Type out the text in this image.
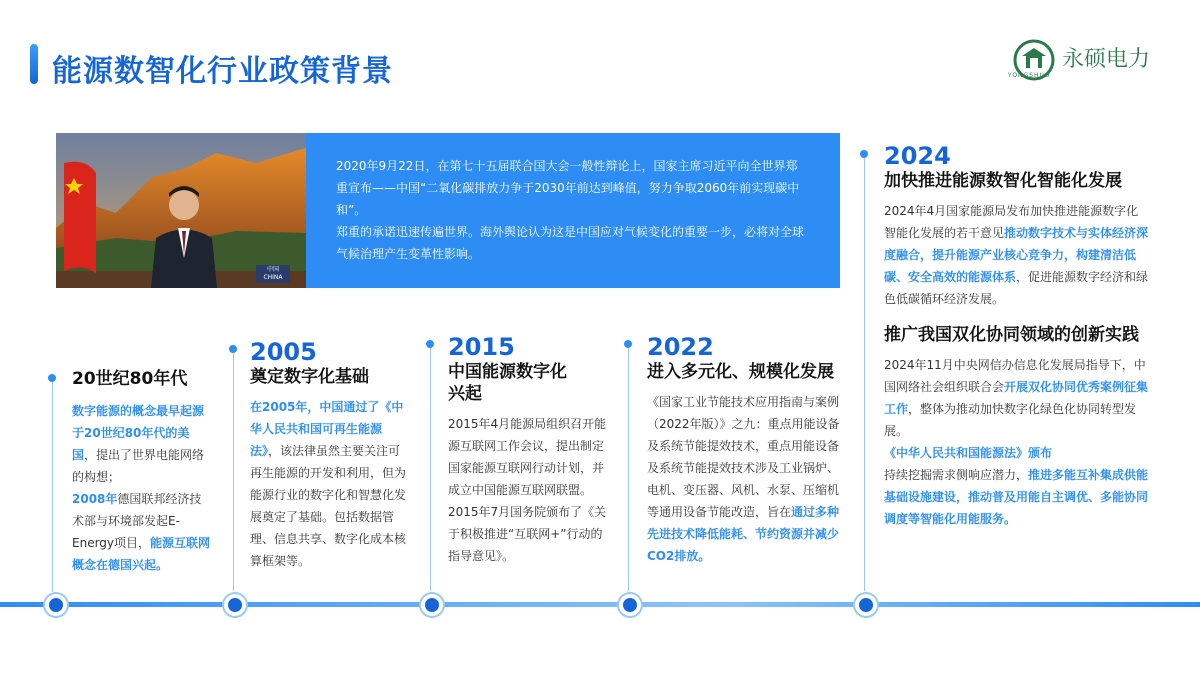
能源数智化行业政策背景	永硕电力
YONGSHUO
中国
CHINA

2020年9月22日，在第七十五届联合国大会一般性辩论上，国家主席习近平向全世界郑重宣布——中国“二氧化碳排放力争于2030年前达到峰值，努力争取2060年前实现碳中和”。

郑重的承诺迅速传遍世界。海外舆论认为这是中国应对气候变化的重要一步，必将对全球气候治理产生变革性影响。

20世纪80年代
数字能源的概念最早起源于20世纪80年代的美国，提出了世界电能网络的构想；
2008年德国联邦经济技术部与环境部发起E-Energy项目，能源互联网概念在德国兴起。
2005
奠定数字化基础
在2005年，中国通过了《中华人民共和国可再生能源法》，该法律虽然主要关注可再生能源的开发和利用，但为能源行业的数字化和智慧化发展奠定了基础。包括数据管理、信息共享、数字化成本核算框架等。
2015
中国能源数字化兴起
2015年4月能源局组织召开能源互联网工作会议，提出制定国家能源互联网行动计划，并成立中国能源互联网联盟。2015年7月国务院颁布了《关于积极推进“互联网+”行动的指导意见》。
2022
进入多元化、规模化发展
《国家工业节能技术应用指南与案例（2022年版）》之九：重点用能设备及系统节能提效技术，重点用能设备及系统节能提效技术涉及工业锅炉、电机、变压器、风机、水泵、压缩机等通用设备节能改造，旨在通过多种先进技术降低能耗、节约资源并减少CO2排放。
2024
加快推进能源数智化智能化发展

2024年4月国家能源局发布加快推进能源数字化智能化发展的若干意见推动数字技术与实体经济深度融合，提升能源产业核心竞争力，构建清洁低碳、安全高效的能源体系，促进能源数字经济和绿色低碳循环经济发展。

推广我国双化协同领域的创新实践

2024年11月中央网信办信息化发展局指导下，中国网络社会组织联合会开展双化协同优秀案例征集工作，整体为推动加快数字化绿色化协同转型发展。
《中华人民共和国能源法》颁布
持续挖掘需求侧响应潜力，推进多能互补集成供能基础设施建设，推动普及用能自主调优、多能协同调度等智能化用能服务。
